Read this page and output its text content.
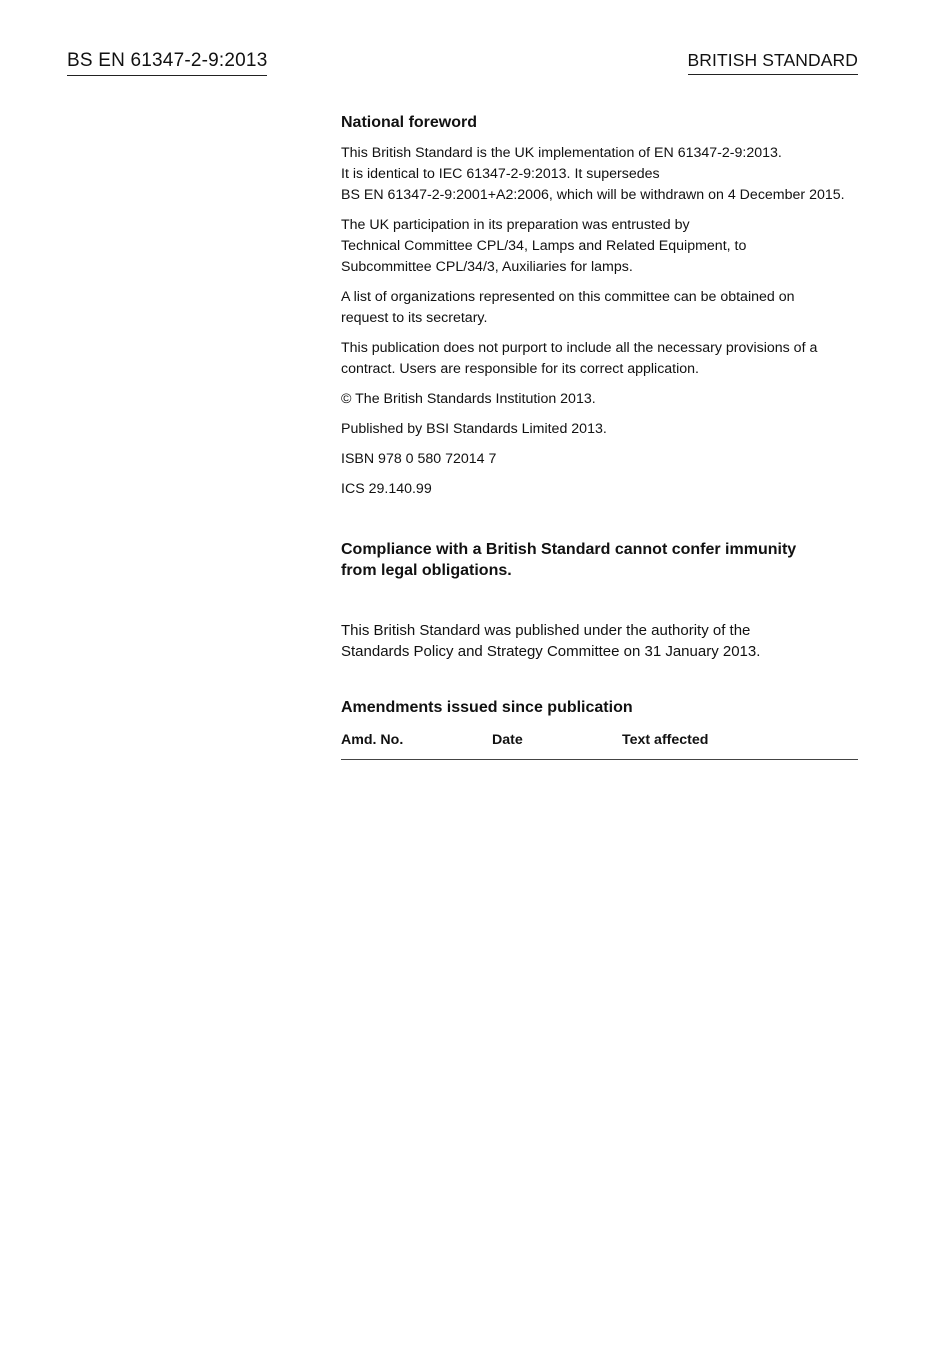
BS EN 61347-2-9:2013	BRITISH STANDARD
National foreword
This British Standard is the UK implementation of EN 61347-2-9:2013.
It is identical to IEC 61347-2-9:2013. It supersedes
BS EN 61347-2-9:2001+A2:2006, which will be withdrawn on 4 December 2015.
The UK participation in its preparation was entrusted by
Technical Committee CPL/34, Lamps and Related Equipment, to
Subcommittee CPL/34/3, Auxiliaries for lamps.
A list of organizations represented on this committee can be obtained on
request to its secretary.
This publication does not purport to include all the necessary provisions of a
contract. Users are responsible for its correct application.
© The British Standards Institution 2013.
Published by BSI Standards Limited 2013.
ISBN 978 0 580 72014 7
ICS 29.140.99
Compliance with a British Standard cannot confer immunity
from legal obligations.
This British Standard was published under the authority of the
Standards Policy and Strategy Committee on 31 January 2013.
Amendments issued since publication
Amd. No.	Date	Text affected
